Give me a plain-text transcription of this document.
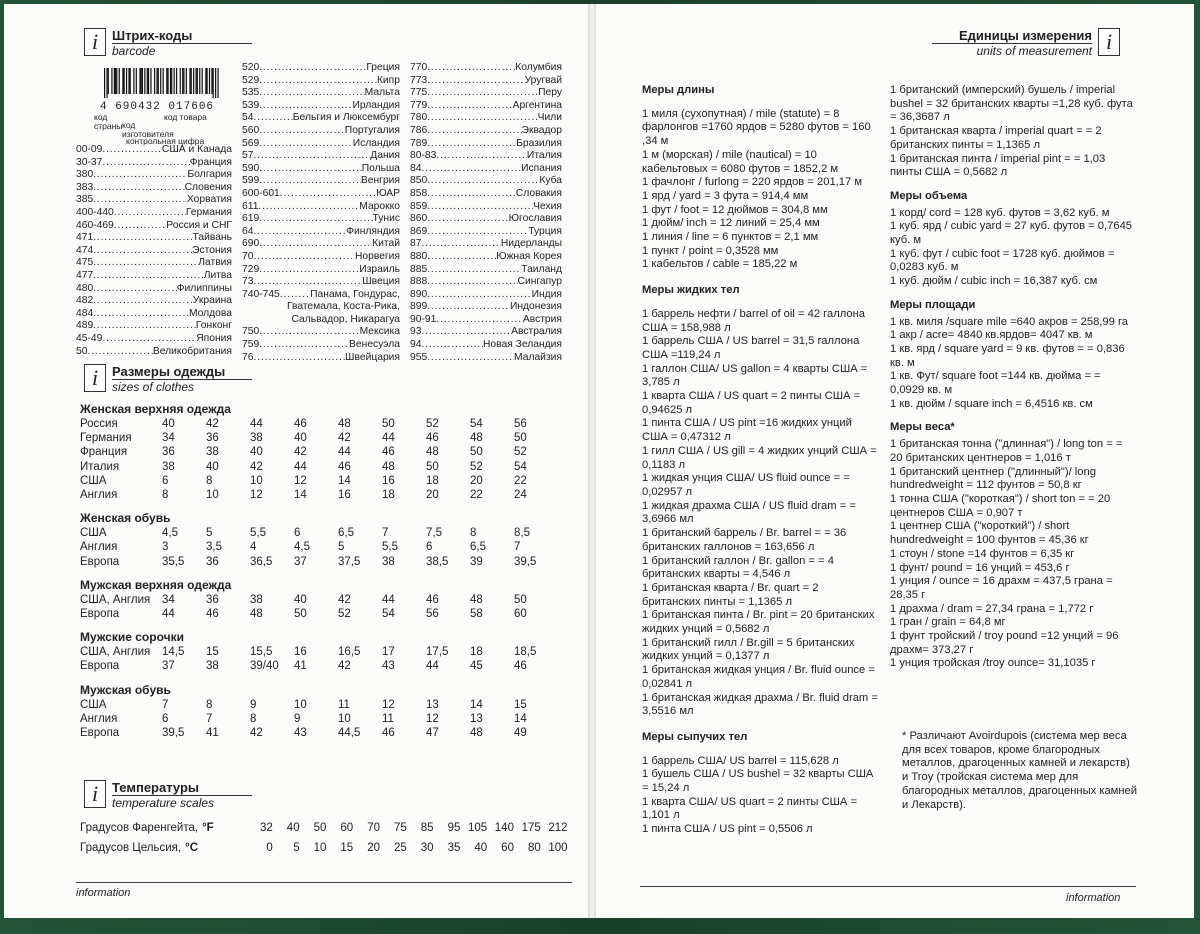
i	Штрих-коды
barcode
4 690432 017606
код страны код изготовителя
код товара
контрольная цифра
00-09 . . .	США и Канада
30-37 . . .	Франция
380 . . .	Болгария
383 . . .	Словения
385 . . .	Хорватия
400-440 . . .	Германия
460-469 . . .	Россия и СНГ
471 . . .	Тайвань
474 . . .	Эстония
475 . . .	Латвия
477 . . .	Литва
480 . . .	Филиппины
482 . . .	Украина
484 . . .	Молдова
489 . . .	Гонконг
45-49 . . .	Япония
50 . . .	Великобритания
520 . . .	Греция
529 . . .	Кипр
535 . . .	Мальта
539 . . .	Ирландия
54 . . .	Бельгия и Люксембург
560 . . .	Португалия
569 . . .	Исландия
57 . . .	Дания
590 . . .	Польша
599 . . .	Венгрия
600-601 . . .	ЮАР
611 . . .	Марокко
619 . . .	Тунис
64 . . .	Финляндия
690 . . .	Китай
70 . . .	Норвегия
729 . . .	Израиль
73 . . .	Швеция
740-745 . . .	Панама, Гондурас,
Гватемала, Коста-Рика,
Сальвадор, Никарагуа
750 . . .	Мексика
759 . . .	Венесуэла
76 . . .	Швейцария
770 . . .	Колумбия
773 . . .	Уругвай
775 . . .	Перу
779 . . .	Аргентина
780 . . .	Чили
786 . . .	Эквадор
789 . . .	Бразилия
80-83 . . .	Италия
84 . . .	Испания
850 . . .	Куба
858 . . .	Словакия
859 . . .	Чехия
860 . . .	Югославия
869 . . .	Турция
87 . . .	Нидерланды
880 . . .	Южная Корея
885 . . .	Таиланд
888 . . .	Сингапур
890 . . .	Индия
899 . . .	Индонезия
90-91 . . .	Австрия
93 . . .	Австралия
94 . . .	Новая Зеландия
955 . . .	Малайзия
i	Размеры одежды
sizes of clothes
Женская верхняя одежда
Россия	40	42	44	46	48	50	52	54	56
Германия	34	36	38	40	42	44	46	48	50
Франция	36	38	40	42	44	46	48	50	52
Италия	38	40	42	44	46	48	50	52	54
США	6	8	10	12	14	16	18	20	22
Англия	8	10	12	14	16	18	20	22	24
Женская обувь
США	4,5	5	5,5	6	6,5	7	7,5	8	8,5
Англия	3	3,5	4	4,5	5	5,5	6	6,5	7
Европа	35,5	36	36,5	37	37,5	38	38,5	39	39,5
Мужская верхняя одежда
США, Англия	34	36	38	40	42	44	46	48	50
Европа	44	46	48	50	52	54	56	58	60
Мужские сорочки
США, Англия	14,5	15	15,5	16	16,5	17	17,5	18	18,5
Европа	37	38	39/40	41	42	43	44	45	46
Мужская обувь
США	7	8	9	10	11	12	13	14	15
Англия	6	7	8	9	10	11	12	13	14
Европа	39,5	41	42	43	44,5	46	47	48	49
i	Температуры
temperature scales
Градусов Фаренгейта, °F	32	40	50	60	70	75	85	95 105 140 175 212
Градусов Цельсия, °C	0	5	10	15	20	25	30	35	40	60	80 100
information
i
Единицы измерения
units of measurement
Меры длины
1 миля (сухопутная) / mile (statute) = 8 фарлонгов =1760 ярдов = 5280 футов = 160 ,34 м
1 м (морская) / mile (nautical) = 10 кабельтовых = 6080 футов = 1852,2 м
1 фачлонг / furlong = 220 ярдов = 201,17 м
1 ярд / yard = 3 фута = 914,4 мм
1 фут / foot = 12 дюймов = 304,8 мм
1 дюйм/ inch = 12 линий = 25,4 мм
1 линия / line = 6 пунктов = 2,1 мм
1 пункт / point = 0,3528 мм
1 кабельтов / cable = 185,22 м
Меры жидких тел
1 баррель нефти / barrel of oil = 42 галлона США = 158,988 л
1 баррель США / US barrel = 31,5 галлона США =119,24 л
1 галлон США/ US gallon = 4 кварты США = 3,785 л
1 кварта США / US quart = 2 пинты США = 0,94625 л
1 пинта США / US pint =16 жидких унций США = 0,47312 л
1 гилл США / US gill = 4 жидких унций США = 0,1183 л
1 жидкая унция США/ US fluid ounce = = 0,02957 л
1 жидкая драхма США / US fluid dram = = 3,6966 мл
1 британский баррель / Br. barrel = = 36 британских галлонов = 163,656 л
1 британский галлон / Br. gallon = = 4 британских кварты = 4,546 л
1 британская кварта / Br. quart = 2 британских пинты = 1,1365 л
1 британская пинта / Br. pint = 20 британских жидких унций = 0,5682 л
1 британский гилл / Br.gill = 5 британских жидких унций = 0,1377 л
1 британская жидкая унция / Br. fluid ounce = 0,02841 л
1 британская жидкая драхма / Br. fluid dram = 3,5516 мл
Меры сыпучих тел
1 баррель США/ US barrel = 115,628 л
1 бушель США / US bushel = 32 кварты США = 15,24 л
1 кварта США/ US quart = 2 пинты США = 1,101 л
1 пинта США / US pint = 0,5506 л
1 британский (имперский) бушель / imperial bushel = 32 британских кварты =1,28 куб. фута = 36,3687 л
1 британская кварта / imperial quart = = 2 британских пинты = 1,1365 л
1 британская пинта / imperial pint = = 1,03 пинты США = 0,5682 л
Меры объема
1 корд/ cord = 128 куб. футов = 3,62 куб. м
1 куб. ярд / cubic yard = 27 куб. футов = 0,7645 куб. м
1 куб. фут / cubic foot = 1728 куб. дюймов = 0,0283 куб. м
1 куб. дюйм / cubic inch = 16,387 куб. см
Меры площади
1 кв. миля /square mile =640 акров = 258,99 га
1 акр / acre= 4840 кв.ярдов= 4047 кв. м
1 кв. ярд / square yard = 9 кв. футов = = 0,836 кв. м
1 кв. Фут/ square foot =144 кв. дюйма = = 0,0929 кв. м
1 кв. дюйм / square inch = 6,4516 кв. см
Меры веса*
1 британская тонна ("длинная") / long ton = = 20 британских центнеров = 1,016 т
1 британский центнер ("длинный")/ long hundredweight = 112 фунтов = 50,8 кг
1 тонна США ("короткая") / short ton = = 20 центнеров США = 0,907 т
1 центнер США ("короткий") / short hundredweight = 100 фунтов = 45,36 кг
1 стоун / stone =14 фунтов = 6,35 кг
1 фунт/ pound = 16 унций = 453,6 г
1 унция / ounce = 16 драхм = 437,5 грана = 28,35 г
1 драхма / dram = 27,34 грана = 1,772 г
1 гран / grain = 64,8 мг
1 фунт тройский / troy pound =12 унций = 96 драхм= 373,27 г
1 унция тройская /troy ounce= 31,1035 г
* Различают Avoirdupois (система мер веса для всех товаров, кроме благородных металлов, драгоценных камней и лекарств) и Troy (тройская система мер для благородных металлов, драгоценных камней и Лекарств).
information
